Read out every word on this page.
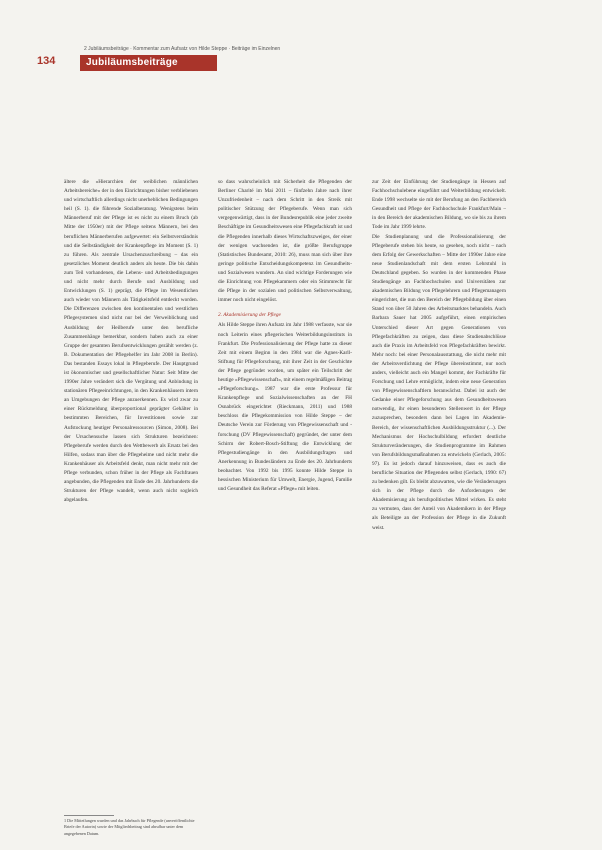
2 Jubiläumsbeiträge · Kommentar zum Aufsatz von Hilde Steppe · Beiträge im Einzelnen
134	Jubiläumsbeiträge

ältere die »Hierarchien der weiblichen männlichen Arbeitsbereiche« der in den Einrichtungen bisher verbliebenen und wirtschaftlich allerdings nicht unerheblichen Bedingungen heil (S. 1). die führende Sozialberatung. Wenigstens beim Männerberuf mit der Pflege ist es nicht zu einem Bruch (ab Mitte der 1950er) mit der Pflege seitens Männern, bei den beruflichen Männerberufen aufgewertet: ein Selbstverständnis und die Selbständigkeit der Krankenpflege im Moment (S. 1) zu führen. Als zentrale Ursachenzuschreibung – das ein gesetzliches Moment deutlich anders als heute. Die bis dahin zum Teil vorhandenen, die Lebens- und Arbeitsbedingungen und nicht mehr durch Berufe und Ausbildung und Entwicklungen (S. 1) geprägt, die Pflege im Wesentlichen auch wieder von Männern als Tätigkeitsfeld entdeckt worden. Die Differenzen zwischen den kontinentalen und westlichen Pflegesystemen sind nicht nur bei der Verweiblichung und Ausbildung der Heilberufe unter den berufliche Zusammenhänge bemerkbar, sondern haben auch zu einer Gruppe der gesamten Berufsentwicklungen gezählt werden (z. B. Dokumentation der Pflegehelfer im Jahr 2008 in Berlin). Das bestanden Essays lokal in Pflegeberufe. Der Hauptgrund ist ökonomischer und gesellschaftlicher Natur: Seit Mitte der 1990er Jahre verändert sich die Vergütung und Anbindung in stationären Pflegeeinrichtungen, in den Krankenhäusern intern an Umgebungen der Pflege anzuerkennen. Es wird zwar zu einer Rückmeldung überproportional geprägter Gehälter in bestimmten Bereichen, für Investitionen sowie zur Aufstockung heutiger Personalressourcen (Simon, 2008). Bei der Ursachensuche lassen sich Strukturen bezeichnen: Pflegeberufe werden durch den Wettbewerb als Ersatz bei den Hilfen, sodass man über die Pflegeheime und nicht mehr die Krankenhäuser als Arbeitsfeld denkt, man nicht mehr mit der Pflege verbunden, schon früher in der Pflege als Fachfrauen angebunden, die Pflegenden mit Ende des 20. Jahrhunderts die Strukturen der Pflege wandelt, wenn auch nicht sogleich abgelaufen.

so dass wahrscheinlich mit Sicherheit die Pflegenden der Berliner Charité im Mai 2011 – fünfzehn Jahre nach ihrer Unzufriedenheit – nach dem Schritt in den Streik mit politischer Stützung der Pflegeberufe. Wenn man sich vergegenwärtigt, dass in der Bundesrepublik eine jeder zweite Beschäftigte im Gesundheitswesen eine Pflegefachkraft ist und die Pflegenden innerhalb dieses Wirtschaftszweiges, der einer der wenigen wachsenden ist, die größte Berufsgruppe (Statistisches Bundesamt, 2010: 26), muss man sich über ihre geringe politische Entscheidungskompetenz im Gesundheits- und Sozialwesen wundern. An sind wichtige Forderungen wie die Einrichtung von Pflegekammern oder ein Stimmrecht für die Pflege in der sozialen und politischen Selbstverwaltung, immer noch nicht eingelöst.

2. Akademisierung der Pflege

Als Hilde Steppe ihren Aufsatz im Jahr 1988 verfasste, war sie noch Leiterin eines pflegerischen Weiterbildungsinstituts in Frankfurt. Die Professionalisierung der Pflege hatte zu dieser Zeit mit einem Beginn in den 1984 war die Agnes-Karll-Stiftung für Pflegeforschung, mit ihrer Zeit in der Geschichte der Pflege gegründet worden, um später ein Teilschritt der heutige »Pflegewissenschaft«, mit einem regelmäßigen Beitrag »Pflegeforschung«. 1987 war die erste Professur für Krankenpflege und Sozialwissenschaften an der FH Osnabrück eingerichtet (Rieckmann, 2011) und 1988 beschloss die Pflegekommission von Hilde Steppe – der Deutsche Verein zur Förderung von Pflegewissenschaft und -forschung (DV Pflegewissenschaft) gegründet, der unter dem Schirm der Robert-Bosch-Stiftung die Entwicklung der Pflegestudiengänge in den Ausbildungsfragen und Anerkennung in Bundesländern zu Ende des 20. Jahrhunderts beobachtet. Von 1992 bis 1995 konnte Hilde Steppe in hessischen Ministerium für Umwelt, Energie, Jugend, Familie und Gesundheit das Referat »Pflege« mit leiten.

zur Zeit der Einführung der Studiengänge in Hessen auf Fachhochschulebene eingeführt und Weiterbildung entwickelt. Ende 1998 wechselte sie mit der Berufung an den Fachbereich Gesundheit und Pflege der Fachhochschule Frankfurt/Main – in den Bereich der akademischen Bildung, wo sie bis zu ihrem Tode im Jahr 1999 lehrte.

Die Studienplanung und die Professionalisierung der Pflegeberufe stehen bis heute, so gesehen, noch nicht – nach dem Erfolg der Gewerkschaften – Mitte der 1990er Jahre eine neue Studienlandschaft mit dem ersten Lehrstuhl in Deutschland gegeben. So wurden in der kommenden Phase Studiengänge an Fachhochschulen und Universitäten zur akademischen Bildung von Pflegelehrern und Pflegemanagern eingerichtet, die nun den Bereich der Pflegebildung über einen Stand von über 50 Jahren des Arbeitsmarktes behandeln. Auch Barbara Sauer hat 2005 aufgeführt, einen empirischen Unterschied dieser Art gegen Generationen von Pflegefachkräften zu zeigen, dass diese Studienabschlüsse auch die Praxis im Arbeitsfeld von Pflegefachkräften bewirkt. Mehr noch: bei einer Personalausstattung, die nicht mehr mit der Arbeitsverdichtung der Pflege übereinstimmt, nur noch anders, vielleicht auch ein Mangel kommt, der Fachkräfte für Forschung und Lehre ermöglicht, indem eine neue Generation von Pflegewissenschaftlern heranwächst. Dabei ist auch der Gedanke einer Pflegeforschung aus dem Gesundheitswesen notwendig, ihr einen besonderen Stellenwert in der Pflege zuzusprechen, besonders dann bei Lagen im Akademie-Bereich, der wissenschaftlichen Ausbildungsstruktur (...). Der Mechanismus der Hochschulbildung erfordert deutliche Strukturveränderungen, die Studienprogramme im Rahmen von Berufsbildungsmaßnahmen zu entwickeln (Gerlach, 2005: 97). Es ist jedoch darauf hinzuweisen, dass es auch die berufliche Situation der Pflegenden selbst (Gerlach, 1990: 67) zu bedenken gilt. Es bleibt abzuwarten, wie die Veränderungen sich in der Pflege durch die Anforderungen der Akademisierung als berufspolitisches Mittel wirken. Es steht zu vermuten, dass der Anteil von Akademikern in der Pflege als Beteiligte an der Profession der Pflege in die Zukunft weist.

1 Die Mitteilungen wurden und das Jahrbuch für Pflegende (unveröffentlichte Briefe der Autorin) sowie der Mitgliedsbeitrag sind abrufbar unter dem angegebenen Datum.
